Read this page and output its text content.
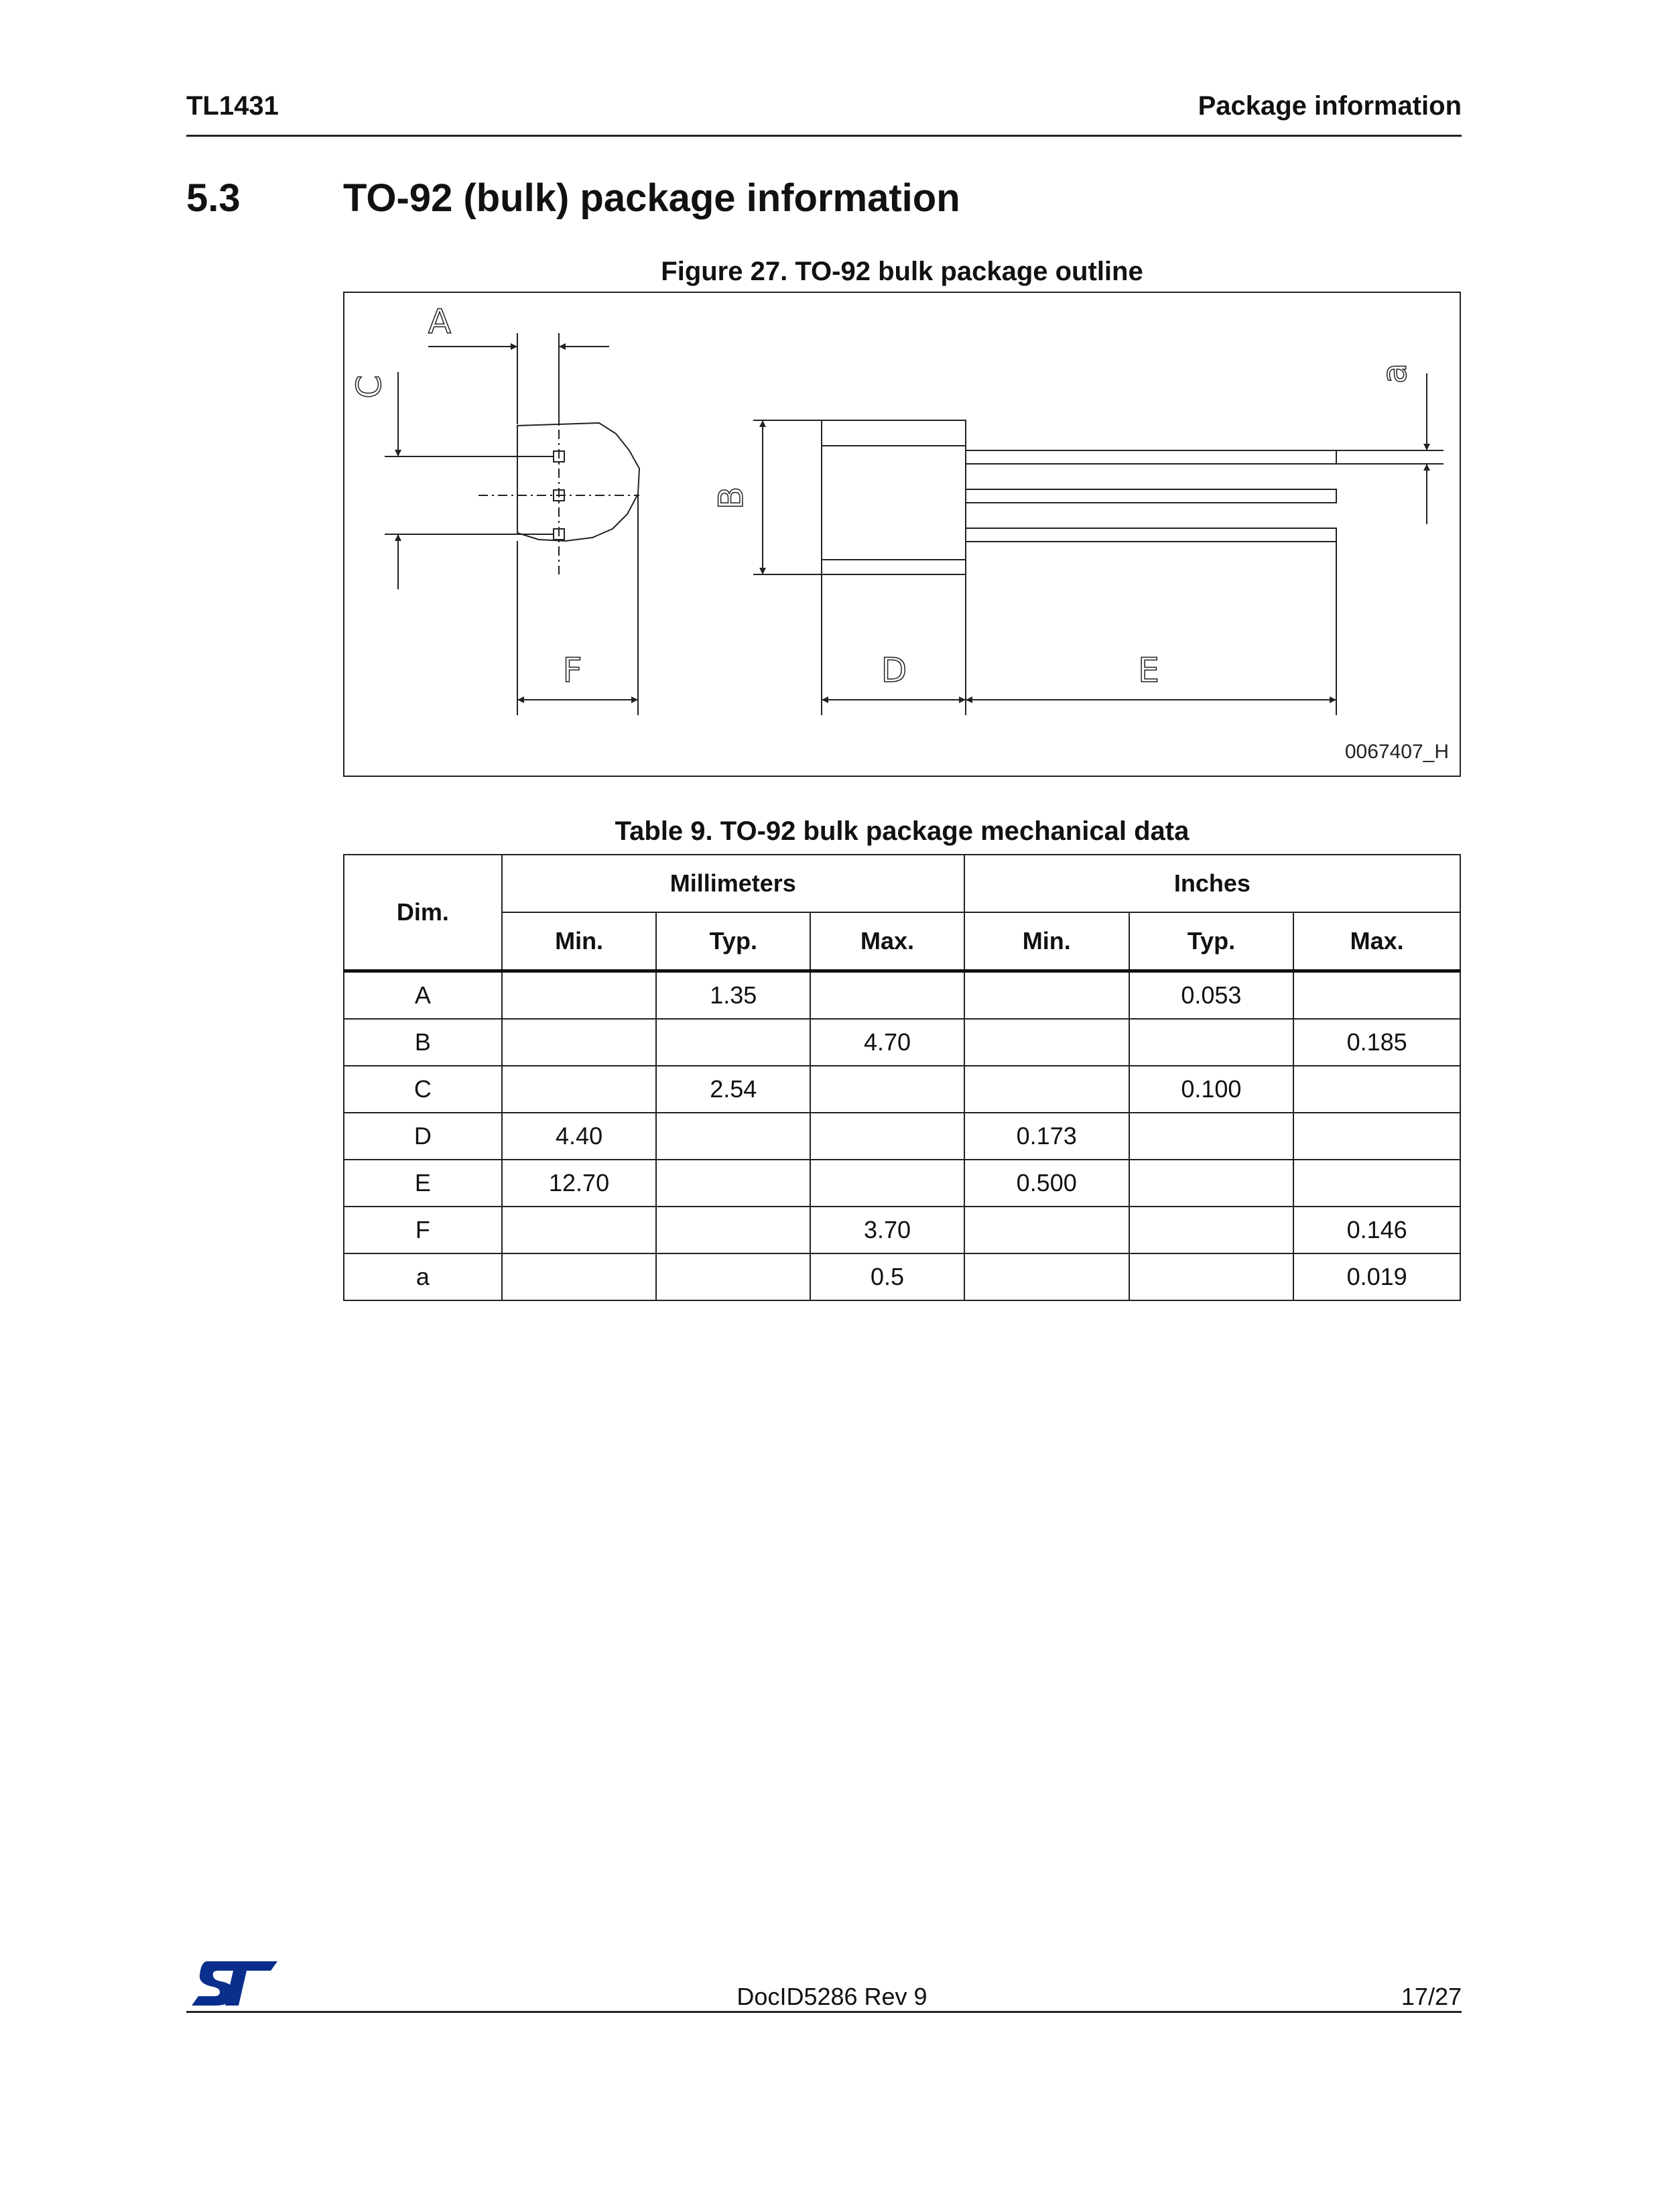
TL1431	Package information
5.3	TO-92 (bulk) package information
Figure 27. TO-92 bulk package outline
A
C
F
B
D	E
a
0067407_H
Table 9. TO-92 bulk package mechanical data
Dim.	Millimeters			Inches		
	Min.	Typ.	Max.	Min.	Typ.	Max.
A		1.35			0.053	
B			4.70			0.185
C		2.54			0.100	
D	4.40			0.173		
E	12.70			0.500		
F			3.70			0.146
a			0.5			0.019
DocID5286 Rev 9	17/27
